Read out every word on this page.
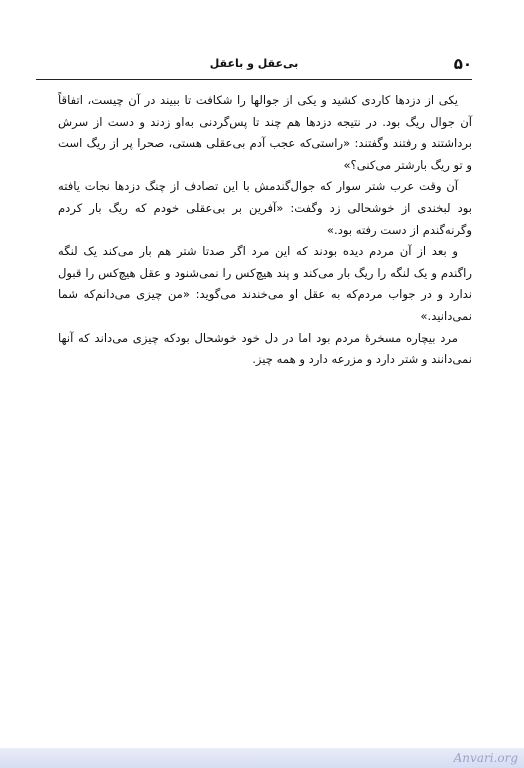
۵۰
بی‌عقل و باعقل

یکی از دزدها کاردی کشید و یکی از جوالها را شکافت تا ببیند در آن چیست، اتفاقاً آن جوال ریگ بود. در نتیجه دزدها هم چند تا پس‌گردنی به‌او زدند و دست از سرش برداشتند و رفتند وگفتند: «راستی‌که عجب آدم بی‌عقلی هستی، صحرا پر از ریگ است و تو ریگ بارشتر می‌کنی؟»

آن وقت عرب شتر سوار که جوال‌گندمش با این تصادف از چنگ دزدها نجات یافته بود لبخندی از خوشحالی زد وگفت: «آفرین بر بی‌عقلی خودم که ریگ بار کردم وگرنه‌گندم از دست رفته بود.»

و بعد از آن مردم دیده بودند که این مرد اگر صدتا شتر هم بار می‌کند یک لنگه راگندم و یک لنگه را ریگ بار می‌کند و پند هیچ‌کس را نمی‌شنود و عقل هیچ‌کس را قبول ندارد و در جواب مردم‌که به عقل او می‌خندند می‌گوید: «من چیزی می‌دانم‌که شما نمی‌دانید.»

مرد بیچاره مسخرهٔ مردم بود اما در دل خود خوشحال بودکه چیزی می‌داند که آنها نمی‌دانند و شتر دارد و مزرعه دارد و همه چیز.

Anvari.org
